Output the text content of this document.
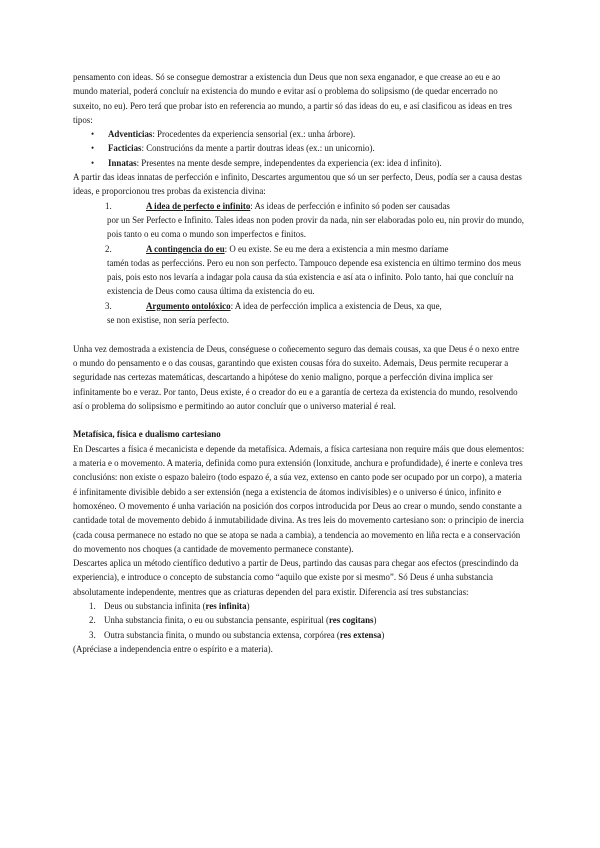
pensamento con ideas. Só se consegue demostrar a existencia dun Deus que non sexa enganador, e que crease ao eu e ao mundo material, poderá concluír na existencia do mundo e evitar así o problema do solipsismo (de quedar encerrado no suxeito, no eu). Pero terá que probar isto en referencia ao mundo, a partir só das ideas do eu, e así clasificou as ideas en tres tipos:

• Adventicias: Procedentes da experiencia sensorial (ex.: unha árbore).
• Facticias: Construcións da mente a partir doutras ideas (ex.: un unicornio).
• Innatas: Presentes na mente desde sempre, independentes da experiencia (ex: idea d infinito).

A partir das ideas innatas de perfección e infinito, Descartes argumentou que só un ser perfecto, Deus, podía ser a causa destas ideas, e proporcionou tres probas da existencia divina:

1.	A idea de perfecto e infinito: As ideas de perfección e infinito só poden ser causadas

por un Ser Perfecto e Infinito. Tales ideas non poden provir da nada, nin ser elaboradas polo eu, nin provir do mundo, pois tanto o eu coma o mundo son imperfectos e finitos.

2.	A contingencia do eu: O eu existe. Se eu me dera a existencia a min mesmo daríame

tamén todas as perfeccións. Pero eu non son perfecto. Tampouco depende esa existencia en último termino dos meus pais, pois esto nos levaría a indagar pola causa da súa existencia e así ata o infinito. Polo tanto, hai que concluír na existencia de Deus como causa última da existencia do eu.

3.	Argumento ontolóxico: A idea de perfección implica a existencia de Deus, xa que,

se non existise, non sería perfecto.

Unha vez demostrada a existencia de Deus, conséguese o coñecemento seguro das demais cousas, xa que Deus é o nexo entre o mundo do pensamento e o das cousas, garantindo que existen cousas fóra do suxeito. Ademais, Deus permite recuperar a seguridade nas certezas matemáticas, descartando a hipótese do xenio maligno, porque a perfección divina implica ser infinitamente bo e veraz. Por tanto, Deus existe, é o creador do eu e a garantía de certeza da existencia do mundo, resolvendo así o problema do solipsismo e permitindo ao autor concluír que o universo material é real.

Metafísica, física e dualismo cartesiano

En Descartes a física é mecanicista e depende da metafísica. Ademais, a física cartesiana non require máis que dous elementos: a materia e o movemento. A materia, definida como pura extensión (lonxitude, anchura e profundidade), é inerte e conleva tres conclusións: non existe o espazo baleiro (todo espazo é, a súa vez, extenso en canto pode ser ocupado por un corpo), a materia é infinitamente divisible debido a ser extensión (nega a existencia de átomos indivisibles) e o universo é único, infinito e homoxéneo. O movemento é unha variación na posición dos corpos introducida por Deus ao crear o mundo, sendo constante a cantidade total de movemento debido á inmutabilidade divina. As tres leis do movemento cartesiano son: o principio de inercia (cada cousa permanece no estado no que se atopa se nada a cambia), a tendencia ao movemento en liña recta e a conservación do movemento nos choques (a cantidade de movemento permanece constante).

Descartes aplica un método científico dedutivo a partir de Deus, partindo das causas para chegar aos efectos (prescindindo da experiencia), e introduce o concepto de substancia como “aquilo que existe por si mesmo”. Só Deus é unha substancia absolutamente independente, mentres que as criaturas dependen del para existir. Diferencia así tres substancias:

1. Deus ou substancia infinita (res infinita)
2. Unha substancia finita, o eu ou substancia pensante, espiritual (res cogitans)
3. Outra substancia finita, o mundo ou substancia extensa, corpórea (res extensa)

(Apréciase a independencia entre o espírito e a materia).
